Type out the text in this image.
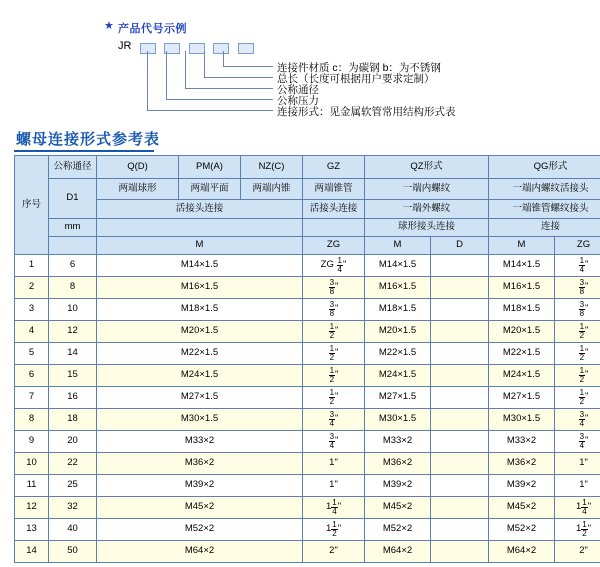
★ 产品代号示例
JR

连接件材质 c：为碳钢 b：为不锈钢
总长（长度可根据用户要求定制）
公称通径
公称压力
连接形式：见金属软管常用结构形式表
螺母连接形式参考表
序号	公称通径	Q(D)	PM(A)	NZ(C)	GZ	QZ形式		QG形式	
	D1	两端球形	两端平面	两端内锥	两端锥管	一端内螺纹		一端内螺纹活接头	
		活接头连接			活接头连接	一端外螺纹		一端锥管螺纹接头	
	mm					球形接头连接		连接	
		M			ZG	M	D	M	ZG
1	6	M14×1.5			ZG $\frac{1}{4}$ "	M14×1.5		M14×1.5	$\frac{1}{4}$ "
2	8	M16×1.5			$\frac{3}{8}$ "	M16×1.5		M16×1.5	$\frac{3}{8}$ "
3	10	M18×1.5			$\frac{3}{8}$ "	M18×1.5		M18×1.5	$\frac{3}{8}$ "
4	12	M20×1.5			$\frac{1}{2}$ "	M20×1.5		M20×1.5	$\frac{1}{2}$ "
5	14	M22×1.5			$\frac{1}{2}$ "	M22×1.5		M22×1.5	$\frac{1}{2}$ "
6	15	M24×1.5			$\frac{1}{2}$ "	M24×1.5		M24×1.5	$\frac{1}{2}$ "
7	16	M27×1.5			$\frac{1}{2}$ "	M27×1.5		M27×1.5	$\frac{1}{2}$ "
8	18	M30×1.5			$\frac{3}{4}$ "	M30×1.5		M30×1.5	$\frac{3}{4}$ "
9	20	M33×2			$\frac{3}{4}$ "	M33×2		M33×2	$\frac{3}{4}$ "
10	22	M36×2			1"	M36×2		M36×2	1"
11	25	M39×2			1"	M39×2		M39×2	1"
12	32	M45×2			$1 \frac{1}{4}$ "	M45×2		M45×2	$1 \frac{1}{4}$ "
13	40	M52×2			$1 \frac{1}{2}$ "	M52×2		M52×2	$1 \frac{1}{2}$ "
14	50	M64×2			2"	M64×2		M64×2	2"
